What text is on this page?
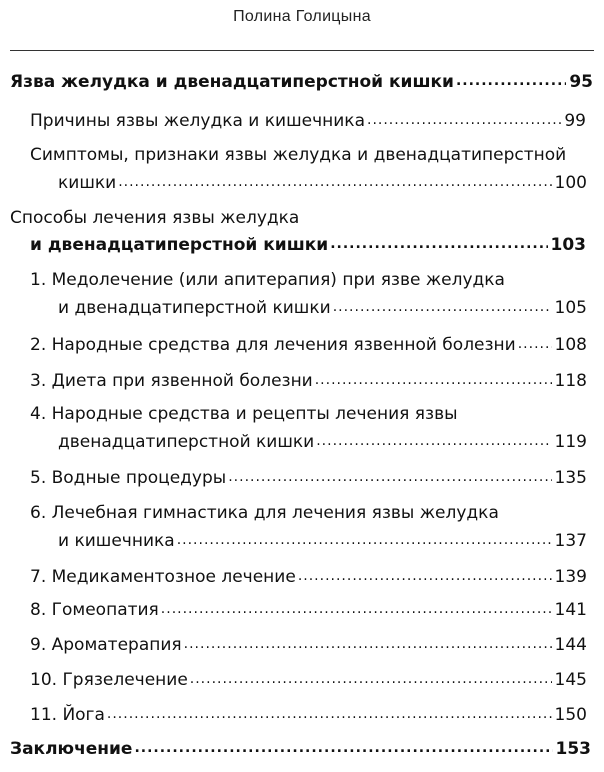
Полина Голицына
Язва желудка и двенадцатиперстной кишки .....	95
Причины язвы желудка и кишечника .....	99
Симптомы, признаки язвы желудка и двенадцатиперстной
кишки .....	100
Способы лечения язвы желудка
и двенадцатиперстной кишки .....	103
1. Медолечение (или апитерапия) при язве желудка
и двенадцатиперстной кишки .....	105
2. Народные средства для лечения язвенной болезни ..... 108
3. Диета при язвенной болезни .....	118
4. Народные средства и рецепты лечения язвы
двенадцатиперстной кишки .....	119
5. Водные процедуры .....	135
6. Лечебная гимнастика для лечения язвы желудка
и кишечника .....	137
7. Медикаментозное лечение .....	139
8. Гомеопатия .....	141
9. Ароматерапия .....	144
10. Грязелечение .....	145
11. Йога .....	150
Заключение .....	153
